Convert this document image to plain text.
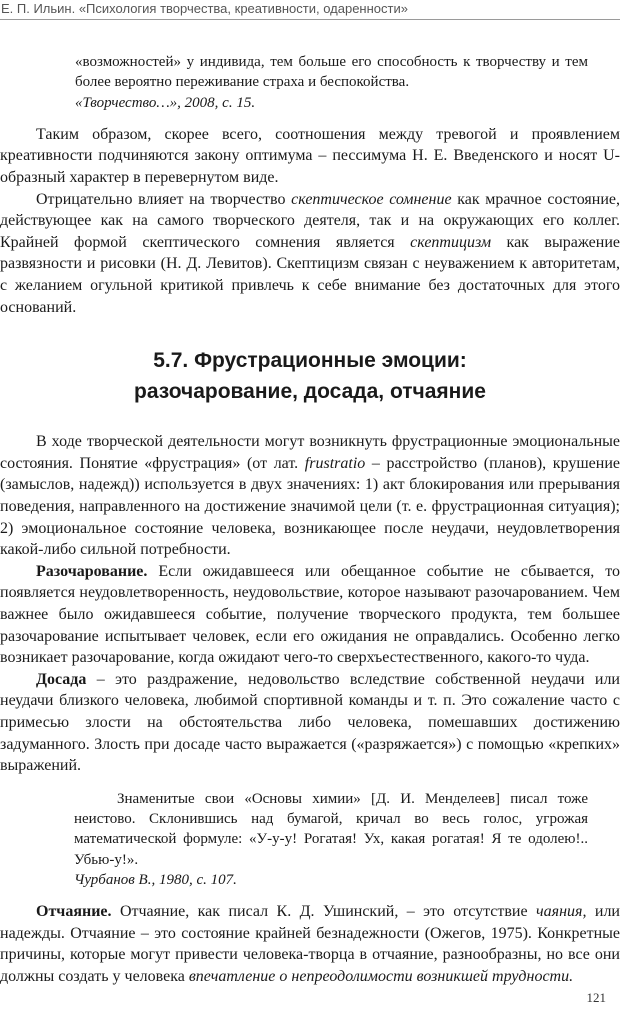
Е. П. Ильин. «Психология творчества, креативности, одаренности»

«возможностей» у индивида, тем больше его способность к творчеству и тем более вероятно переживание страха и беспокойства.

«Творчество…», 2008, с. 15.

Таким образом, скорее всего, соотношения между тревогой и проявлением креативности подчиняются закону оптимума – пессимума Н. Е. Введенского и носят U-образный характер в перевернутом виде.

Отрицательно влияет на творчество скептическое сомнение как мрачное состояние, действующее как на самого творческого деятеля, так и на окружающих его коллег. Крайней формой скептического сомнения является скептицизм как выражение развязности и рисовки (Н. Д. Левитов). Скептицизм связан с неуважением к авторитетам, с желанием огульной критикой привлечь к себе внимание без достаточных для этого оснований.

5.7. Фрустрационные эмоции:
разочарование, досада, отчаяние

В ходе творческой деятельности могут возникнуть фрустрационные эмоциональные состояния. Понятие «фрустрация» (от лат. frustratio – расстройство (планов), крушение (замыслов, надежд)) используется в двух значениях: 1) акт блокирования или прерывания поведения, направленного на достижение значимой цели (т. е. фрустрационная ситуация); 2) эмоциональное состояние человека, возникающее после неудачи, неудовлетворения какой-либо сильной потребности.

Разочарование. Если ожидавшееся или обещанное событие не сбывается, то появляется неудовлетворенность, неудовольствие, которое называют разочарованием. Чем важнее было ожидавшееся событие, получение творческого продукта, тем большее разочарование испытывает человек, если его ожидания не оправдались. Особенно легко возникает разочарование, когда ожидают чего-то сверхъестественного, какого-то чуда.

Досада – это раздражение, недовольство вследствие собственной неудачи или неудачи близкого человека, любимой спортивной команды и т. п. Это сожаление часто с примесью злости на обстоятельства либо человека, помешавших достижению задуманного. Злость при досаде часто выражается («разряжается») с помощью «крепких» выражений.

Знаменитые свои «Основы химии» [Д. И. Менделеев] писал тоже неистово. Склонившись над бумагой, кричал во весь голос, угрожая математической формуле: «У-у-у! Рогатая! Ух, какая рогатая! Я те одолею!.. Убью-у!».

Чурбанов В., 1980, с. 107.

Отчаяние. Отчаяние, как писал К. Д. Ушинский, – это отсутствие чаяния, или надежды. Отчаяние – это состояние крайней безнадежности (Ожегов, 1975). Конкретные причины, которые могут привести человека-творца в отчаяние, разнообразны, но все они должны создать у человека впечатление о непреодолимости возникшей трудности.

121
